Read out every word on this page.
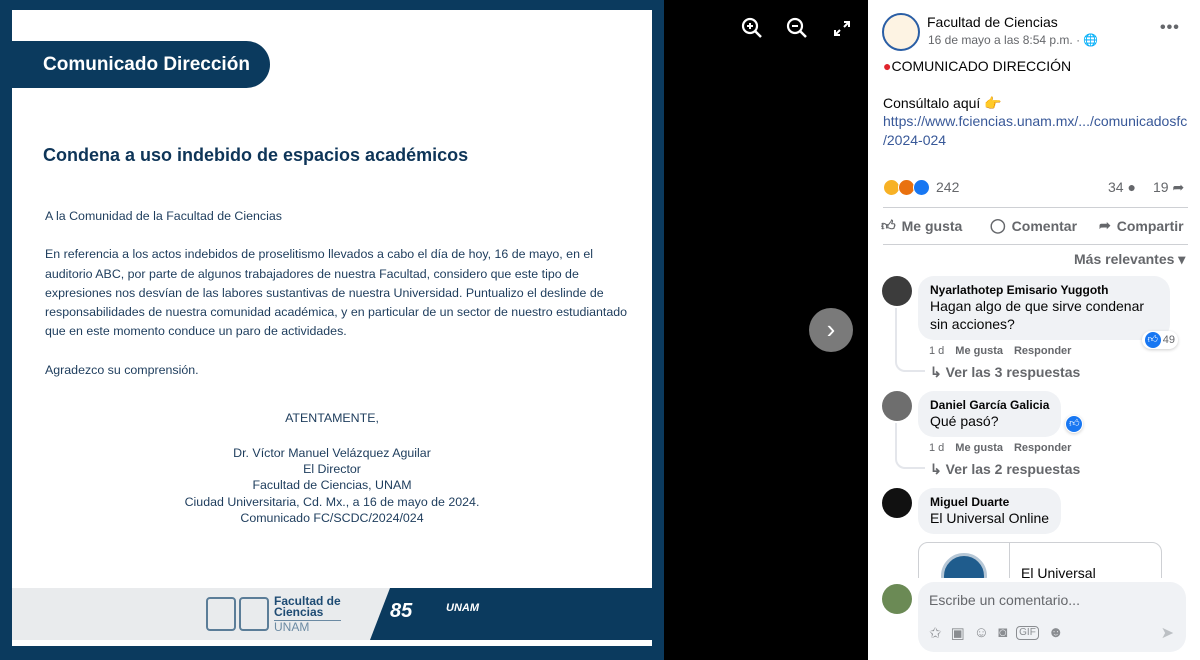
Comunicado Dirección
Condena a uso indebido de espacios académicos

A la Comunidad de la Facultad de Ciencias

En referencia a los actos indebidos de proselitismo llevados a cabo el día de hoy, 16 de mayo, en el auditorio ABC, por parte de algunos trabajadores de nuestra Facultad, considero que este tipo de expresiones nos desvían de las labores sustantivas de nuestra Universidad. Puntualizo el deslinde de responsabilidades de nuestra comunidad académica, y en particular de un sector de nuestro estudiantado que en este momento conduce un paro de actividades.

Agradezco su comprensión.

ATENTAMENTE,
Dr. Víctor Manuel Velázquez Aguilar
El Director
Facultad de Ciencias, UNAM
Ciudad Universitaria, Cd. Mx., a 16 de mayo de 2024.
Comunicado FC/SCDC/2024/024
Facultad de
Ciencias
UNAM
85	UNAM
›
Facultad de Ciencias
16 de mayo a las 8:54 p.m. · 🌐
•••
●COMUNICADO DIRECCIÓN
Consúltalo aquí 👉
https://www.fciencias.unam.mx/.../comunicadosfc
/2024-024
242	34 ● 19 ➦
👍︎ Me gusta ◯ Comentar ➦ Compartir
Más relevantes ▾
Nyarlathotep Emisario Yuggoth
Hagan algo de que sirve condenar sin acciones?
👍︎ 49
1 d Me gusta Responder
↳ Ver las 3 respuestas
Daniel García Galicia
Qué pasó?	👍︎
1 d Me gusta Responder
↳ Ver las 2 respuestas
Miguel Duarte
El Universal Online
El Universal
Escribe un comentario...
✩ ▣ ☺ ◙	GIF ☻	➤
